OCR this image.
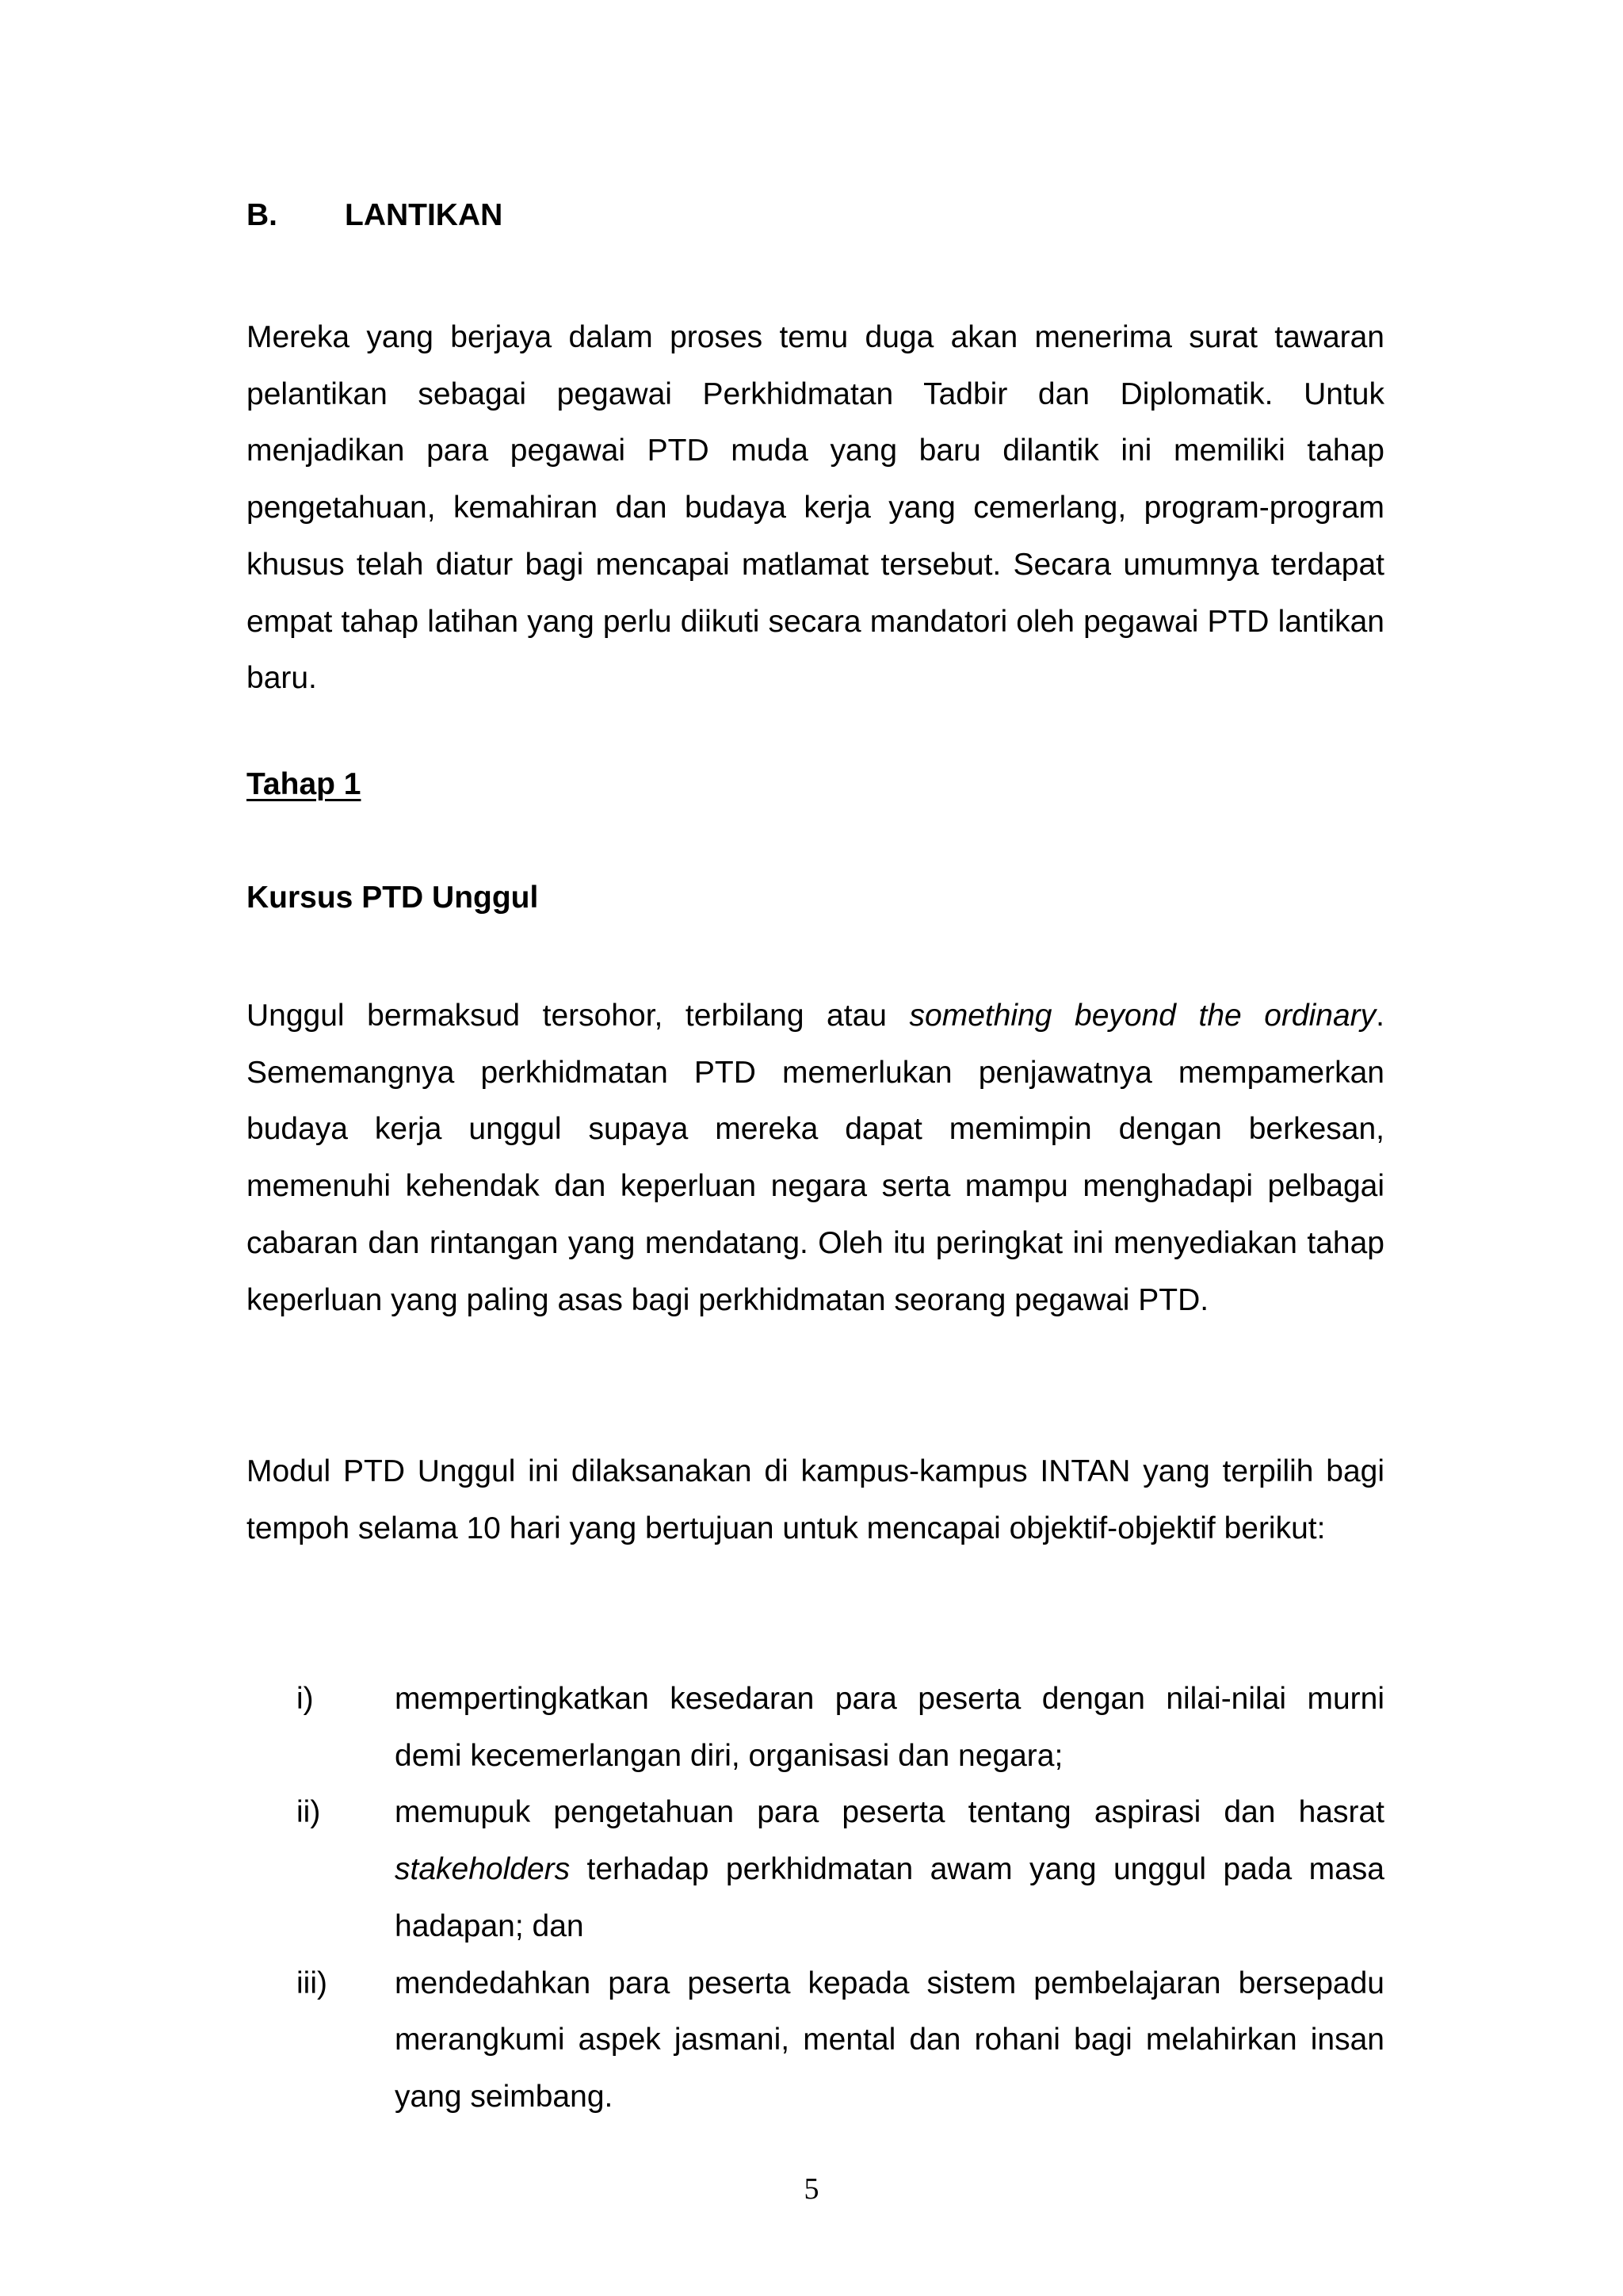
B. LANTIKAN

Mereka yang berjaya dalam proses temu duga akan menerima surat tawaran pelantikan sebagai pegawai Perkhidmatan Tadbir dan Diplomatik. Untuk menjadikan para pegawai PTD muda yang baru dilantik ini memiliki tahap pengetahuan, kemahiran dan budaya kerja yang cemerlang, program-program khusus telah diatur bagi mencapai matlamat tersebut. Secara umumnya terdapat empat tahap latihan yang perlu diikuti secara mandatori oleh pegawai PTD lantikan baru.

Tahap 1
Kursus PTD Unggul

Unggul bermaksud tersohor, terbilang atau something beyond the ordinary. Sememangnya perkhidmatan PTD memerlukan penjawatnya mempamerkan budaya kerja unggul supaya mereka dapat memimpin dengan berkesan, memenuhi kehendak dan keperluan negara serta mampu menghadapi pelbagai cabaran dan rintangan yang mendatang. Oleh itu peringkat ini menyediakan tahap keperluan yang paling asas bagi perkhidmatan seorang pegawai PTD.

Modul PTD Unggul ini dilaksanakan di kampus-kampus INTAN yang terpilih bagi tempoh selama 10 hari yang bertujuan untuk mencapai objektif-objektif berikut:

i)	mempertingkatkan kesedaran para peserta dengan nilai-nilai murni demi kecemerlangan diri, organisasi dan negara;
ii) memupuk pengetahuan para peserta tentang aspirasi dan hasrat stakeholders terhadap perkhidmatan awam yang unggul pada masa hadapan; dan
iii) mendedahkan para peserta kepada sistem pembelajaran bersepadu merangkumi aspek jasmani, mental dan rohani bagi melahirkan insan yang seimbang.
5
